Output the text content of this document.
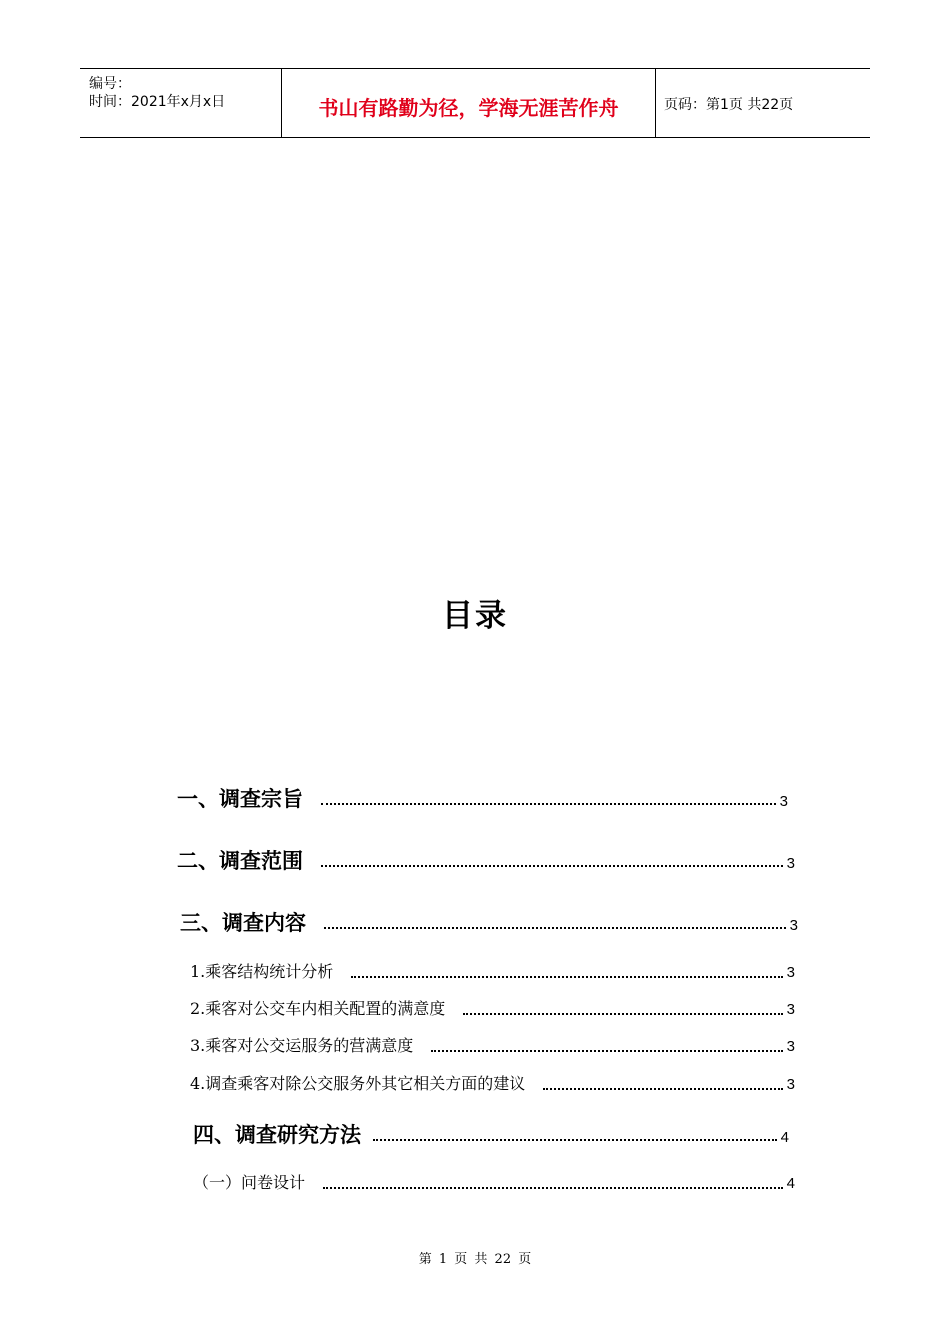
编号：
时间：2021年x月x日	书山有路勤为径，学海无涯苦作舟	页码：第1页 共22页
目录
一、调查宗旨	3
二、调查范围	3
三、调查内容	3
1.乘客结构统计分析	3
2.乘客对公交车内相关配置的满意度	3
3.乘客对公交运服务的营满意度	3
4.调查乘客对除公交服务外其它相关方面的建议	3
四、调查研究方法	4
（一）问卷设计	4
第 1 页 共 22 页
